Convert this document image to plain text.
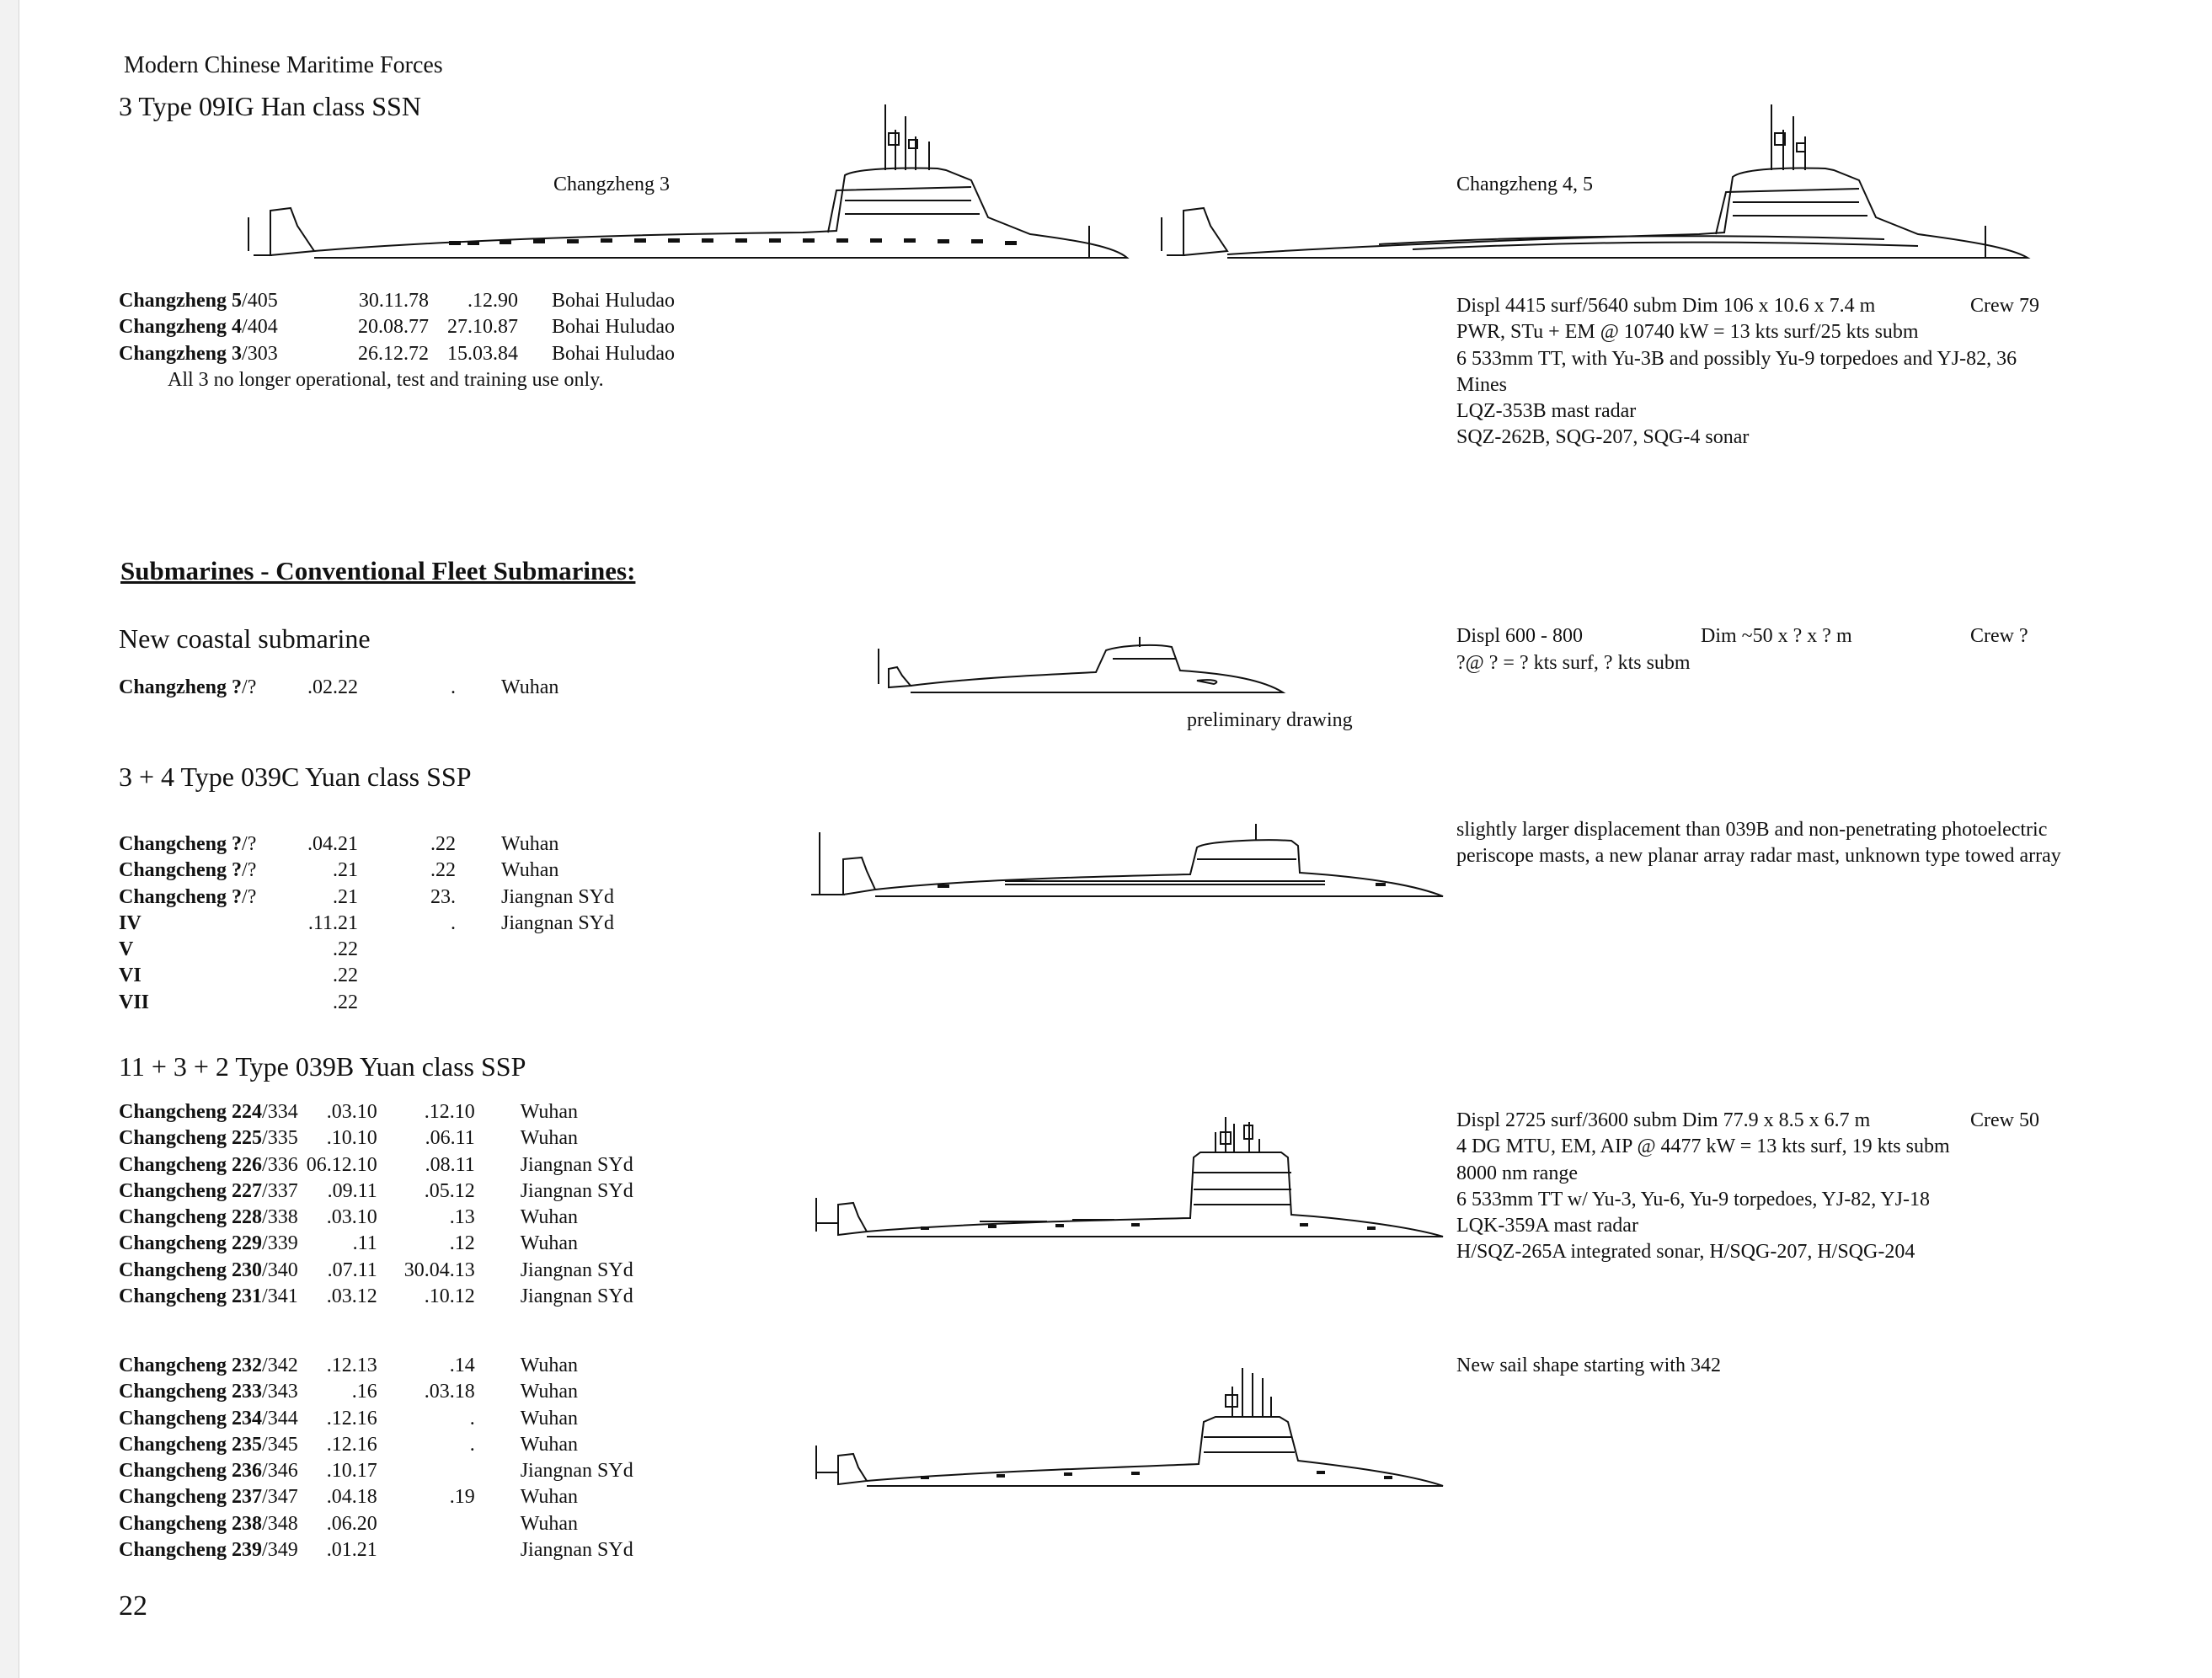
Modern Chinese Maritime Forces
3 Type 09IG Han class SSN
Changzheng 3	Changzheng 4, 5
Changzheng 5/405	30.11.78	.12.90		Bohai Huludao
Changzheng 4/404	20.08.77	27.10.87		Bohai Huludao
Changzheng 3/303	26.12.72	15.03.84		Bohai Huludao
All 3 no longer operational, test and training use only.
Displ 4415 surf/5640 subm Dim 106 x 10.6 x 7.4 m
PWR, STu + EM @ 10740 kW = 13 kts surf/25 kts subm
6 533mm TT, with Yu-3B and possibly Yu-9 torpedoes and YJ-82, 36
Mines
LQZ-353B mast radar
SQZ-262B, SQG-207, SQG-4 sonar
Crew 79
Submarines - Conventional Fleet Submarines:
New coastal submarine
Changzheng ?/?	.02.22	.		Wuhan
preliminary drawing
Displ 600 - 800	Dim ~50 x ? x ? m	Crew ?
?@ ? = ? kts surf, ? kts subm
3 + 4 Type 039C Yuan class SSP
Changcheng ?/?	.04.21	.22		Wuhan
Changcheng ?/?	.21	.22		Wuhan
Changcheng ?/?	.21	23.		Jiangnan SYd
IV	.11.21	.		Jiangnan SYd
V	.22			
VI	.22			
VII	.22			
slightly larger displacement than 039B and non-penetrating photoelectric periscope masts, a new planar array radar mast, unknown type towed array
11 + 3 + 2 Type 039B Yuan class SSP
Changcheng 224/334	.03.10	.12.10		Wuhan
Changcheng 225/335	.10.10	.06.11		Wuhan
Changcheng 226/336	06.12.10	.08.11		Jiangnan SYd
Changcheng 227/337	.09.11	.05.12		Jiangnan SYd
Changcheng 228/338	.03.10	.13		Wuhan
Changcheng 229/339	.11	.12		Wuhan
Changcheng 230/340	.07.11	30.04.13		Jiangnan SYd
Changcheng 231/341	.03.12	.10.12		Jiangnan SYd
Displ 2725 surf/3600 subm Dim 77.9 x 8.5 x 6.7 m
4 DG MTU, EM, AIP @ 4477 kW = 13 kts surf, 19 kts subm
8000 nm range
6 533mm TT w/ Yu-3, Yu-6, Yu-9 torpedoes, YJ-82, YJ-18
LQK-359A mast radar
H/SQZ-265A integrated sonar, H/SQG-207, H/SQG-204
Crew 50
Changcheng 232/342	.12.13	.14		Wuhan
Changcheng 233/343	.16	.03.18		Wuhan
Changcheng 234/344	.12.16	.		Wuhan
Changcheng 235/345	.12.16	.		Wuhan
Changcheng 236/346	.10.17			Jiangnan SYd
Changcheng 237/347	.04.18	.19		Wuhan
Changcheng 238/348	.06.20			Wuhan
Changcheng 239/349	.01.21			Jiangnan SYd
New sail shape starting with 342
22
